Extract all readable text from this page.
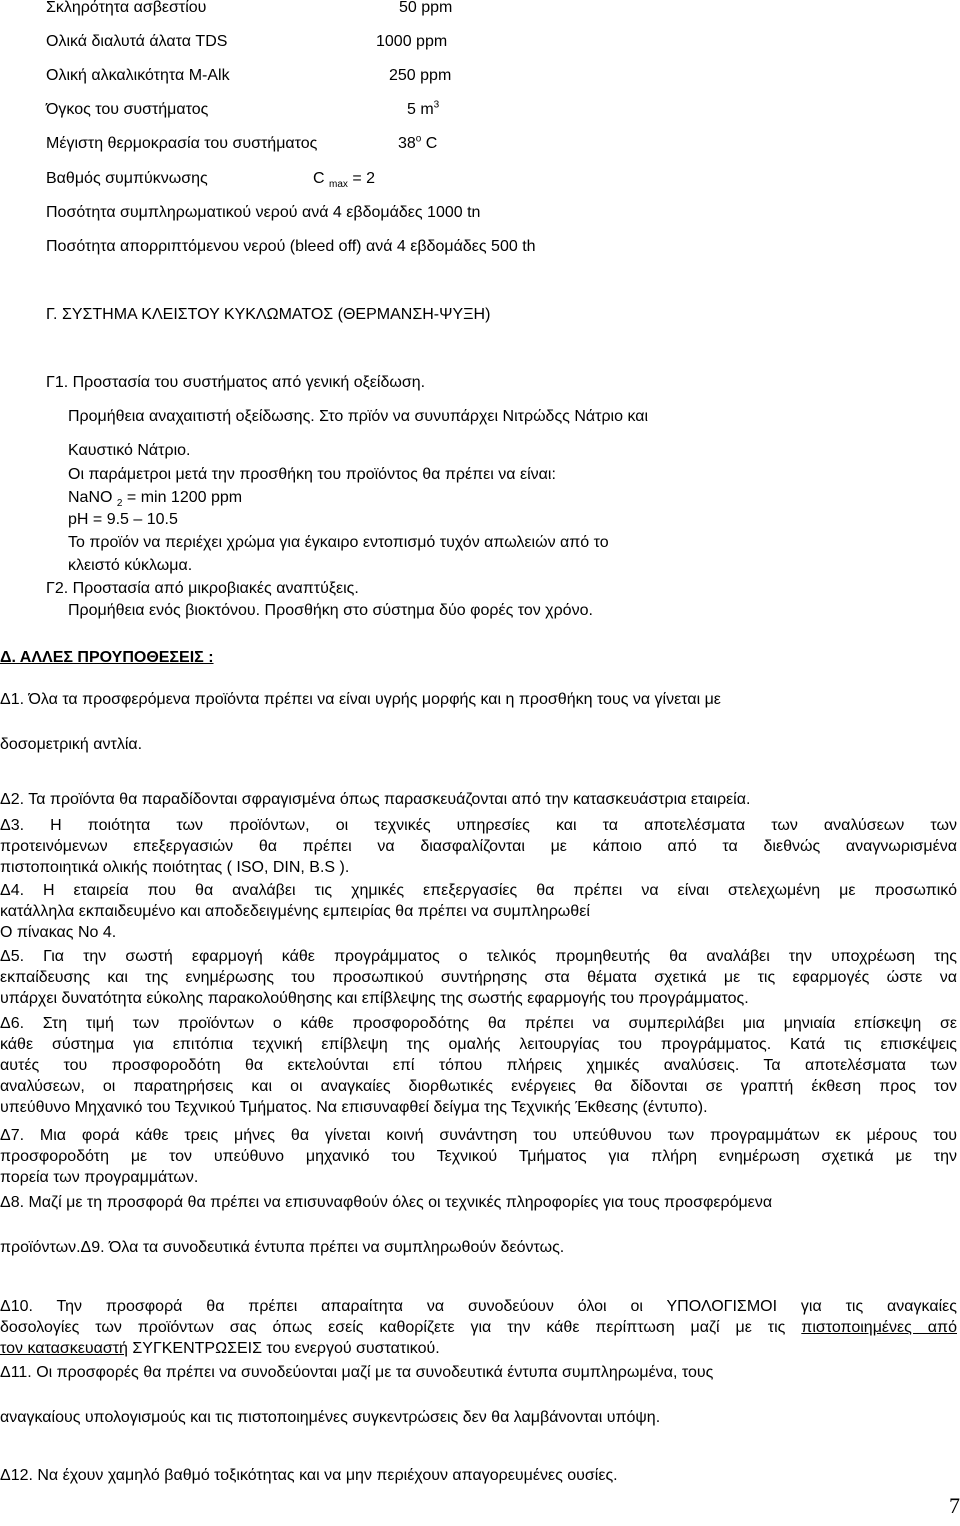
Σκληρότητα ασβεστίου	50 ppm
Ολικά διαλυτά άλατα TDS	1000 ppm
Ολική αλκαλικότητα M-Alk	250 ppm
Όγκος του συστήματος	5 $m^3$
Μέγιστη θερμοκρασία του συστήματος	38$^o$ C
Βαθμός συμπύκνωσης	C $_{max}$ = 2
Ποσότητα συμπληρωματικού νερού ανά 4 εβδομάδες 1000 tn
Ποσότητα απορριπτόμενου νερού (bleed off) ανά 4 εβδομάδες 500 th
Γ. ΣΥΣΤΗΜΑ ΚΛΕΙΣΤΟΥ ΚΥΚΛΩΜΑΤΟΣ (ΘΕΡΜΑΝΣΗ-ΨΥΞΗ)
Γ1. Προστασία του συστήματος από γενική οξείδωση.
Προμήθεια αναχαιτιστή οξείδωσης. Στο πρϊόν να συνυπάρχει Νιτρώδςς Νάτριο και
Καυστικό Νάτριο.
Οι παράμετροι μετά την προσθήκη του προϊόντος θα πρέπει να είναι:
NaNO $_2$ = min 1200 ppm
pH = 9.5 – 10.5
Το προϊόν να περιέχει χρώμα για έγκαιρο εντοπισμό τυχόν απωλειών από το
κλειστό κύκλωμα.
Γ2. Προστασία από μικροβιακές αναπτύξεις.
Προμήθεια ενός βιοκτόνου. Προσθήκη στο σύστημα δύο φορές τον χρόνο.
Δ. ΑΛΛΕΣ ΠΡΟΥΠΟΘΕΣΕΙΣ :
Δ1. Όλα τα προσφερόμενα προϊόντα πρέπει να είναι υγρής μορφής και η προσθήκη τους να γίνεται με
δοσομετρική αντλία.
Δ2. Τα προϊόντα θα παραδίδονται σφραγισμένα όπως παρασκευάζονται από την κατασκευάστρια εταιρεία.
Δ3. Η ποιότητα των προϊόντων, οι τεχνικές υπηρεσίες και τα αποτελέσματα των αναλύσεων των
προτεινόμενων επεξεργασιών θα πρέπει να διασφαλίζονται με κάποιο από τα διεθνώς αναγνωρισμένα
πιστοποιητικά ολικής ποιότητας ( ISO, DIN, B.S ).
Δ4. Η εταιρεία που θα αναλάβει τις χημικές επεξεργασίες θα πρέπει να είναι στελεχωμένη με προσωπικό
κατάλληλα εκπαιδευμένο και αποδεδειγμένης εμπειρίας θα πρέπει να συμπληρωθεί
Ο πίνακας Νο 4.
Δ5. Για την σωστή εφαρμογή κάθε προγράμματος ο τελικός προμηθευτής θα αναλάβει την υποχρέωση της
εκπαίδευσης και της ενημέρωσης του προσωπικού συντήρησης στα θέματα σχετικά με τις εφαρμογές ώστε να
υπάρχει δυνατότητα εύκολης παρακολούθησης και επίβλεψης της σωστής εφαρμογής του προγράμματος.
Δ6. Στη τιμή των προϊόντων ο κάθε προσφοροδότης θα πρέπει να συμπεριλάβει μια μηνιαία επίσκεψη σε
κάθε σύστημα για επιτόπια τεχνική επίβλεψη της ομαλής λειτουργίας του προγράμματος. Κατά τις επισκέψεις
αυτές του προσφοροδότη θα εκτελούνται επί τόπου πλήρεις χημικές αναλύσεις. Τα αποτελέσματα των
αναλύσεων, οι παρατηρήσεις και οι αναγκαίες διορθωτικές ενέργειες θα δίδονται σε γραπτή έκθεση προς τον
υπεύθυνο Μηχανικό του Τεχνικού Τμήματος. Να επισυναφθεί δείγμα της Τεχνικής Έκθεσης (έντυπο).
Δ7. Μια φορά κάθε τρεις μήνες θα γίνεται κοινή συνάντηση του υπεύθυνου των προγραμμάτων εκ μέρους του
προσφοροδότη με τον υπεύθυνο μηχανικό του Τεχνικού Τμήματος για πλήρη ενημέρωση σχετικά με την
πορεία των προγραμμάτων.
Δ8. Μαζί με τη προσφορά θα πρέπει να επισυναφθούν όλες οι τεχνικές πληροφορίες για τους προσφερόμενα
προϊόντων.Δ9. Όλα τα συνοδευτικά έντυπα πρέπει να συμπληρωθούν δεόντως.
Δ10. Την προσφορά θα πρέπει απαραίτητα να συνοδεύουν όλοι οι ΥΠΟΛΟΓΙΣΜΟΙ για τις αναγκαίες
δοσολογίες των προϊόντων σας όπως εσείς καθορίζετε για την κάθε περίπτωση μαζί με τις πιστοποιημένες από
τον κατασκευαστή ΣΥΓΚΕΝΤΡΩΣΕΙΣ του ενεργού συστατικού.
Δ11. Οι προσφορές θα πρέπει να συνοδεύονται μαζί με τα συνοδευτικά έντυπα συμπληρωμένα, τους
αναγκαίους υπολογισμούς και τις πιστοποιημένες συγκεντρώσεις δεν θα λαμβάνονται υπόψη.
Δ12. Να έχουν χαμηλό βαθμό τοξικότητας και να μην περιέχουν απαγορευμένες ουσίες.
7
